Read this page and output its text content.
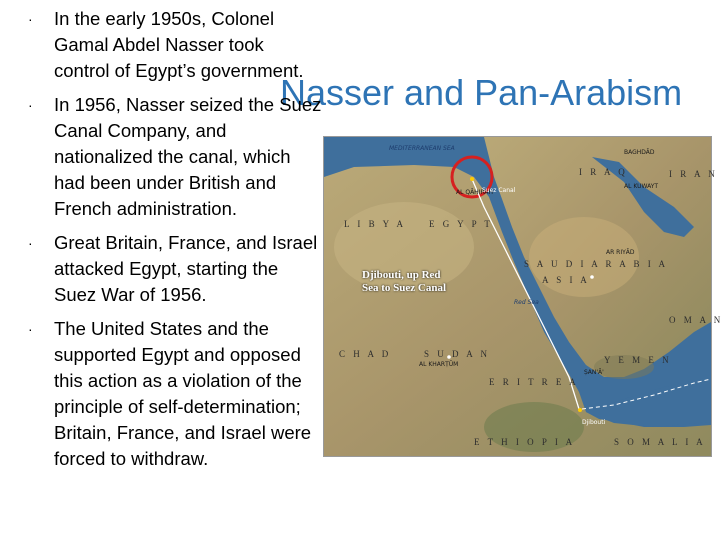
Nasser and Pan-Arabism
· In the early 1950s, Colonel Gamal Abdel Nasser took control of Egypt’s government.
· In 1956, Nasser seized the Suez Canal Company, and nationalized the canal, which had been under British and French administration.
· Great Britain, France, and Israel attacked Egypt, starting the Suez War of 1956.
· The United States and the supported Egypt and opposed this action as a violation of the principle of self-determination; Britain, France, and Israel were forced to withdraw.
Djibouti, up Red Sea to Suez Canal
MEDITERRANEAN SEA
AL QĀHIRAH
Suez Canal
L I B Y A	E G Y P T
I R A Q	I R A N
BAGHDĀD
AL KUWAYT
AR RIYĀD
S A U D I A R A B I A
A S I A
Red Sea
C H A D	S U D A N
AL KHARṬŪM
O M A N
E R I T R E A
Y E M E N
ṢAN'Ā'
Djibouti
E T H I O P I A	S O M A L I A
